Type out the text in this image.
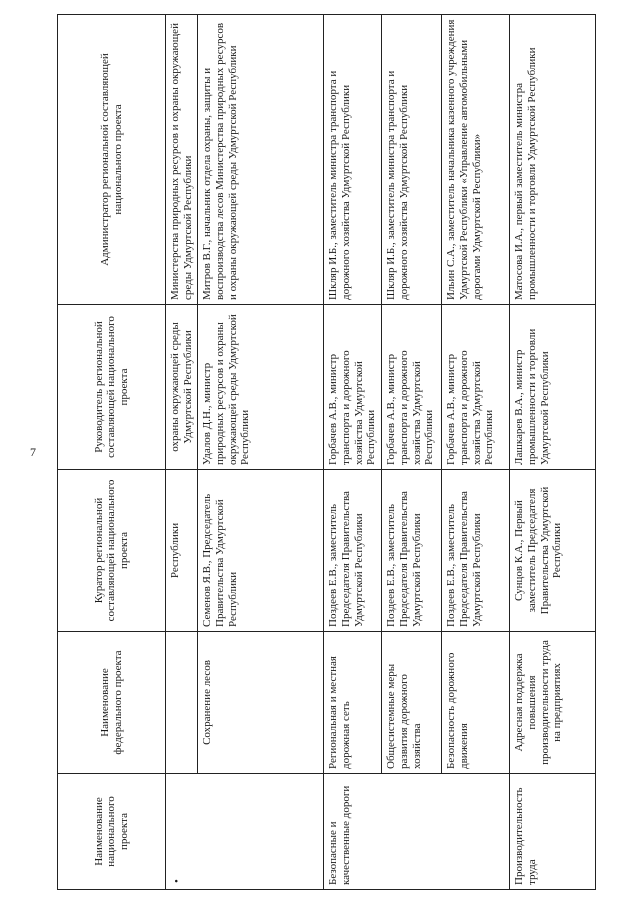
7
Наименование национального проекта	Наименование федерального проекта	Куратор региональной составляющей национального проекта	Руководитель региональной составляющей национального проекта	Администратор региональной составляющей национального проекта

•		Республики	охраны окружающей среды Удмуртской Республики	Министерства природных ресурсов и охраны окружающей среды Удмуртской Республики
	Сохранение лесов	Семенов Я.В., Председатель Правительства Удмуртской Республики	Удалов Д.Н., министр природных ресурсов и охраны окружающей среды Удмуртской Республики	Митров В.Г., начальник отдела охраны, защиты и воспроизводства лесов Министерства природных ресурсов и охраны окружающей среды Удмуртской Республики
Безопасные и качественные дороги	Региональная и местная дорожная сеть	Поздеев Е.В., заместитель Председателя Правительства Удмуртской Республики	Горбачев А.В., министр транспорта и дорожного хозяйства Удмуртской Республики	Шкляр И.Б., заместитель министра транспорта и дорожного хозяйства Удмуртской Республики
	Общесистемные меры развития дорожного хозяйства	Поздеев Е.В., заместитель Председателя Правительства Удмуртской Республики	Горбачев А.В., министр транспорта и дорожного хозяйства Удмуртской Республики	Шкляр И.Б., заместитель министра транспорта и дорожного хозяйства Удмуртской Республики
	Безопасность дорожного движения	Поздеев Е.В., заместитель Председателя Правительства Удмуртской Республики	Горбачев А.В., министр транспорта и дорожного хозяйства Удмуртской Республики	Ильин С.А., заместитель начальника казенного учреждения Удмуртской Республики «Управление автомобильными дорогами Удмуртской Республики»
Производительность труда	Адресная поддержка повышения производительности труда на предприятиях	Сунцов К.А., Первый заместитель Председателя Правительства Удмуртской Республики	Лашкарев В.А., министр промышленности и торговли Удмуртской Республики	Матосова И.А., первый заместитель министра промышленности и торговли Удмуртской Республики
